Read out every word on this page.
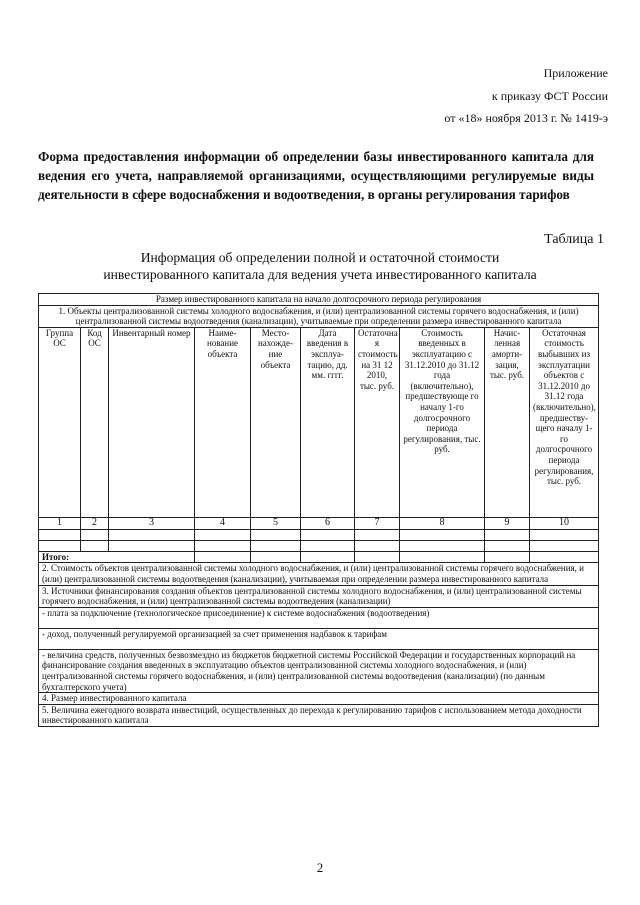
Приложение
к приказу ФСТ России
от «18» ноября 2013 г. № 1419-э
Форма предоставления информации об определении базы инвестированного капитала для ведения его учета, направляемой организациями, осуществляющими регулируемые виды деятельности в сфере водоснабжения и водоотведения, в органы регулирования тарифов
Таблица 1
Информация об определении полной и остаточной стоимости
инвестированного капитала для ведения учета инвестированного капитала
Размер инвестированного капитала на начало долгосрочного периода регулирования									
1. Объекты централизованной системы холодного водоснабжения, и (или) централизованной системы горячего водоснабжения, и (или) централизованной системы водоотведения (канализации), учитываемые при определении размера инвестированного капитала									
Группа ОС	Код ОС	Инвентарный номер	Наиме-нование объекта	Место-нахожде-ние объекта	Дата введения в эксплуа-тацию, дд. мм. гггг.	Остаточна я стоимость на 31 12 2010, тыс. руб.	Стоимость введенных в эксплуатацию с 31.12.2010 до 31.12 года (включительно), предшествующе го началу 1-го долгосрочного периода регулирования, тыс. руб.	Начис-ленная аморти-зация, тыс. руб.	Остаточная стоимость выбывших из эксплуатации объектов с 31.12.2010 до 31.12 года (включительно), предшеству-щего началу 1-го долгосрочного периода регулирования, тыс. руб.
1	2	3	4	5	6	7	8	9	10

Итого:									
2. Стоимость объектов централизованной системы холодного водоснабжения, и (или) централизованной системы горячего водоснабжения, и (или) централизованной системы водоотведения (канализации), учитываемая при определении размера инвестированного капитала									
3. Источники финансирования создания объектов централизованной системы холодного водоснабжения, и (или) централизованной системы горячего водоснабжения, и (или) централизованной системы водоотведения (канализации)									
- плата за подключение (технологическое присоединение) к системе водоснабжения (водоотведения)									
- доход, полученный регулируемой организацией за счет применения надбавок к тарифам									
- величина средств, полученных безвозмездно из бюджетов бюджетной системы Российской Федерации и государственных корпораций на финансирование создания введенных в эксплуатацию объектов централизованной системы холодного водоснабжения, и (или) централизованной системы горячего водоснабжения, и (или) централизованной системы водоотведения (канализации) (по данным бухгалтерского учета)									
4. Размер инвестированного капитала									
5. Величина ежегодного возврата инвестиций, осуществленных до перехода к регулированию тарифов с использованием метода доходности инвестированного капитала									
2
